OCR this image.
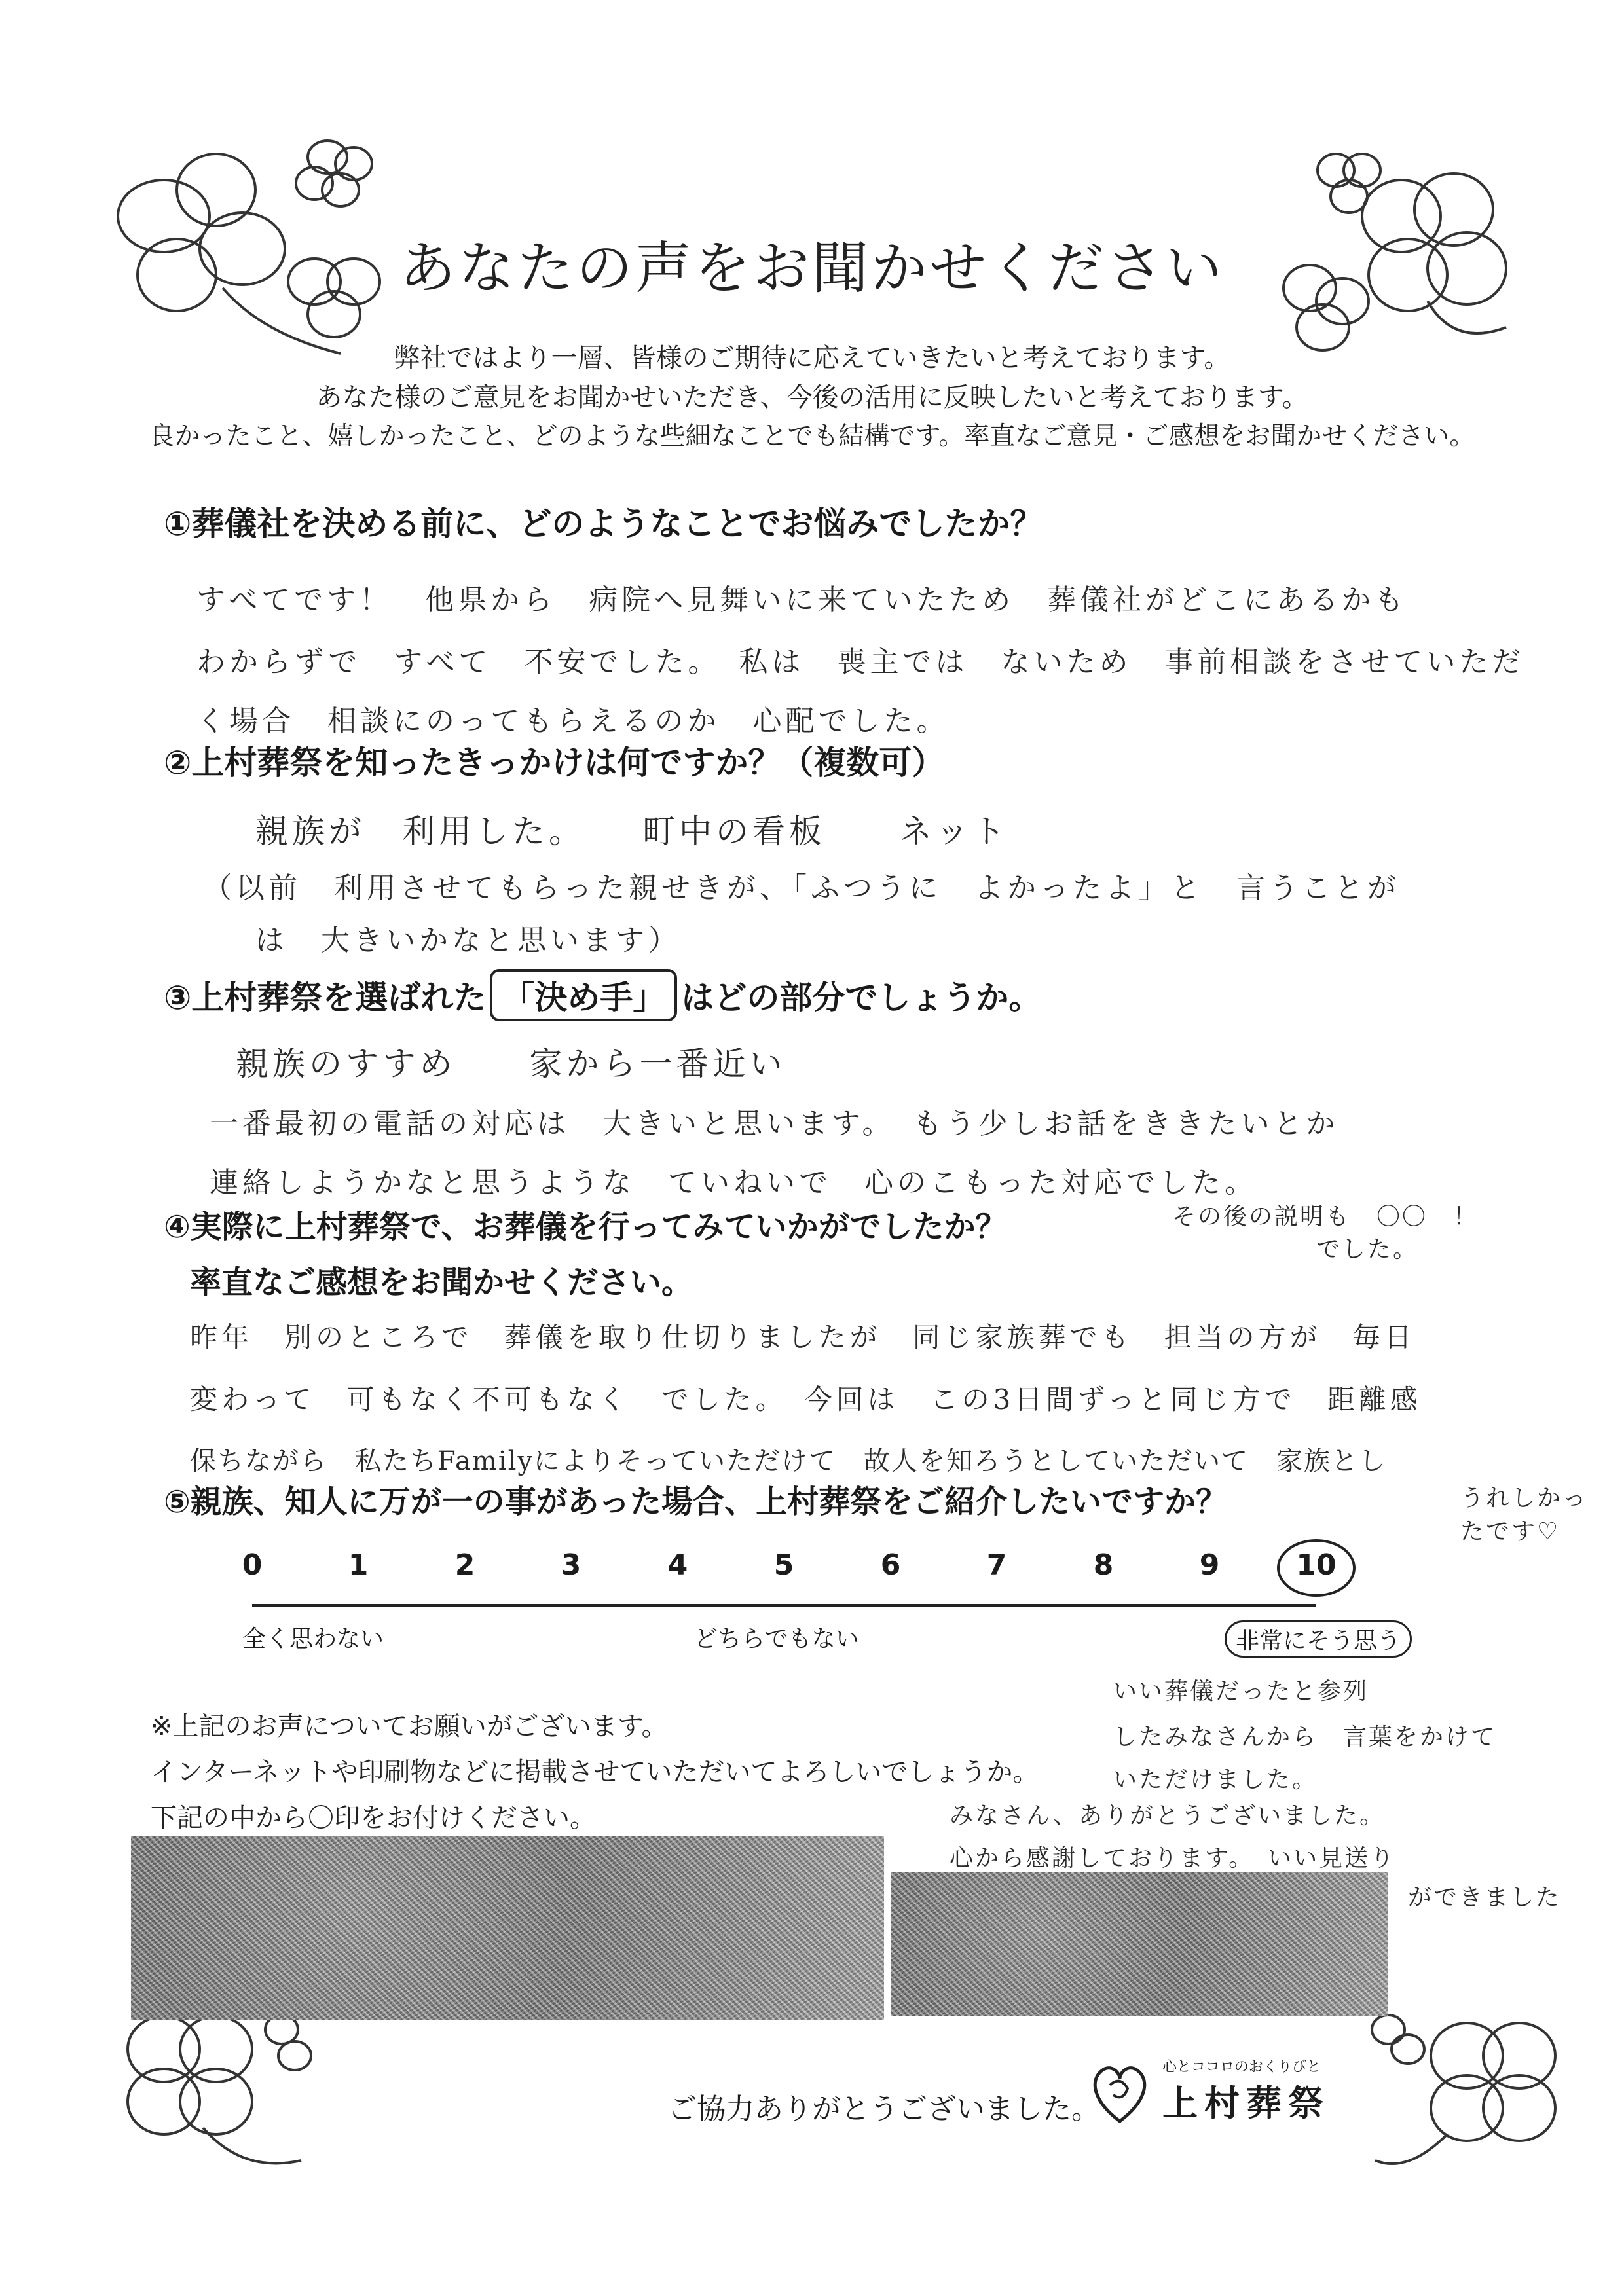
あなたの声をお聞かせください
弊社ではより一層、皆様のご期待に応えていきたいと考えております。
あなた様のご意見をお聞かせいただき、今後の活用に反映したいと考えております。
良かったこと、嬉しかったこと、どのような些細なことでも結構です。率直なご意見・ご感想をお聞かせください。
①葬儀社を決める前に、どのようなことでお悩みでしたか？
すべてです！　他県から　病院へ見舞いに来ていたため　葬儀社がどこにあるかも
わからずで　すべて　不安でした。　私は　喪主では　ないため　事前相談をさせていただ
く場合　相談にのってもらえるのか　心配でした。
②上村葬祭を知ったきっかけは何ですか？（複数可）
親族が　利用した。　　町中の看板　　ネット
（以前　利用させてもらった親せきが、「ふつうに　よかったよ」と　言うことが
は　大きいかなと思います）
③上村葬祭を選ばれた 「決め手」 はどの部分でしょうか。
親族のすすめ　　家から一番近い
一番最初の電話の対応は　大きいと思います。　もう少しお話をききたいとか
連絡しようかなと思うような　ていねいで　心のこもった対応でした。
④実際に上村葬祭で、お葬儀を行ってみていかがでしたか？	その後の説明も　〇〇　！
でした。
率直なご感想をお聞かせください。
昨年　別のところで　葬儀を取り仕切りましたが　同じ家族葬でも　担当の方が　毎日
変わって　可もなく不可もなく　でした。　今回は　この3日間ずっと同じ方で　距離感
保ちながら　私たちFamilyによりそっていただけて　故人を知ろうとしていただいて　家族とし
うれしかったです♡
⑤親族、知人に万が一の事があった場合、上村葬祭をご紹介したいですか？
0	1	2	3	4	5	6	7	8	9	10
全く思わない	どちらでもない	非常にそう思う
いい葬儀だったと参列
したみなさんから　言葉をかけて
いただけました。
みなさん、ありがとうございました。
心から感謝しております。　いい見送り
ができました
※上記のお声についてお願いがございます。
インターネットや印刷物などに掲載させていただいてよろしいでしょうか。
下記の中から〇印をお付けください。
ご協力ありがとうございました。
心とココロのおくりびと
上村葬祭
